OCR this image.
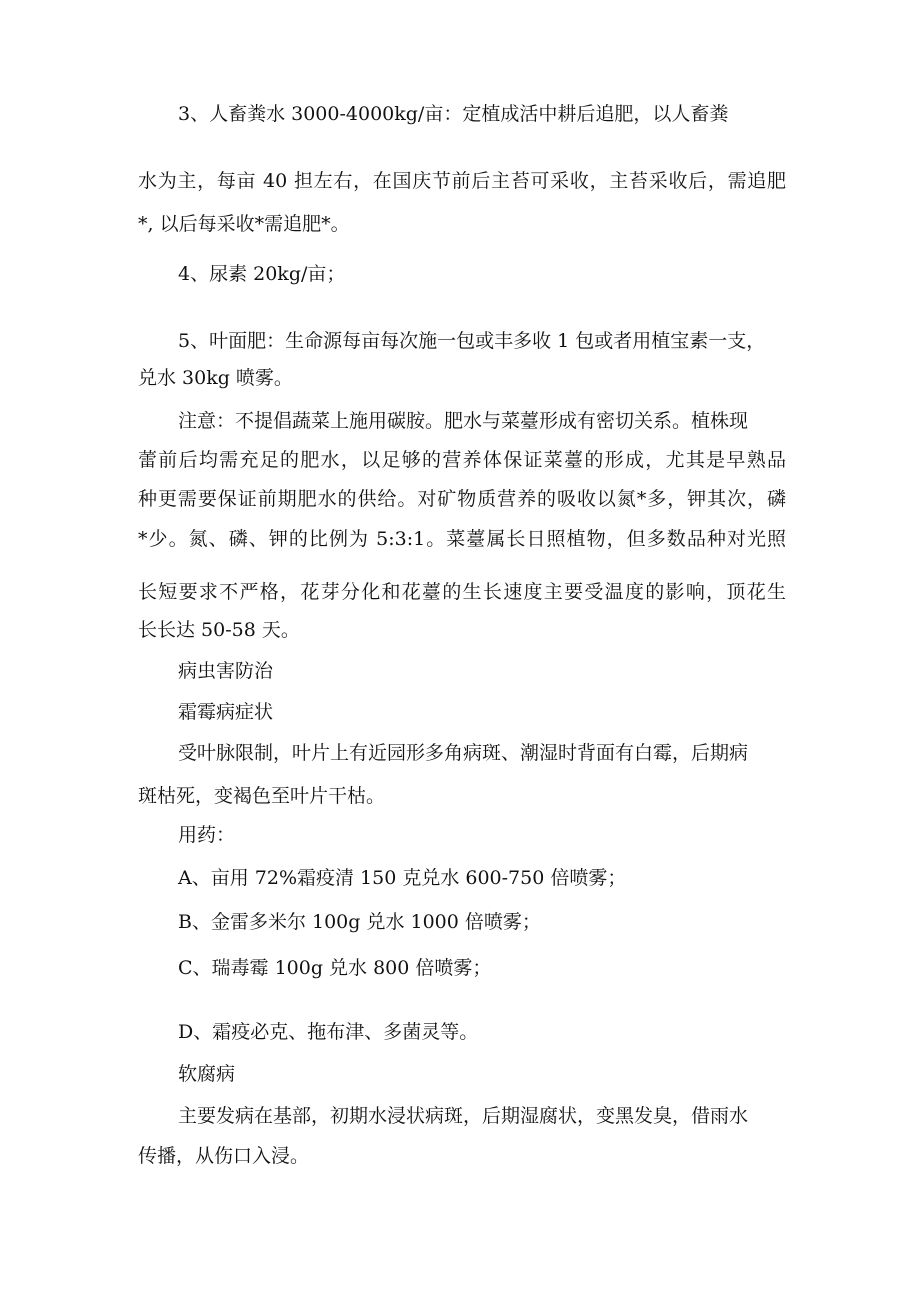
3、人畜粪水 3000-4000kg/亩：定植成活中耕后追肥，以人畜粪
水为主，每亩 40 担左右，在国庆节前后主苔可采收，主苔采收后，需追肥
*, 以后每采收*需追肥*。
4、尿素 20kg/亩；
5、叶面肥：生命源每亩每次施一包或丰多收 1 包或者用植宝素一支，
兑水 30kg 喷雾。
注意：不提倡蔬菜上施用碳胺。肥水与菜薹形成有密切关系。植株现
蕾前后均需充足的肥水，以足够的营养体保证菜薹的形成，尤其是早熟品
种更需要保证前期肥水的供给。对矿物质营养的吸收以氮*多，钾其次，磷
*少。氮、磷、钾的比例为 5:3:1。菜薹属长日照植物，但多数品种对光照
长短要求不严格，花芽分化和花薹的生长速度主要受温度的影响，顶花生
长长达 50-58 天。
病虫害防治
霜霉病症状
受叶脉限制，叶片上有近园形多角病斑、潮湿时背面有白霉，后期病
斑枯死，变褐色至叶片干枯。
用药：
A、亩用 72%霜疫清 150 克兑水 600-750 倍喷雾；
B、金雷多米尔 100g 兑水 1000 倍喷雾；
C、瑞毒霉 100g 兑水 800 倍喷雾；
D、霜疫必克、拖布津、多菌灵等。
软腐病
主要发病在基部，初期水浸状病斑，后期湿腐状，变黑发臭，借雨水
传播，从伤口入浸。
